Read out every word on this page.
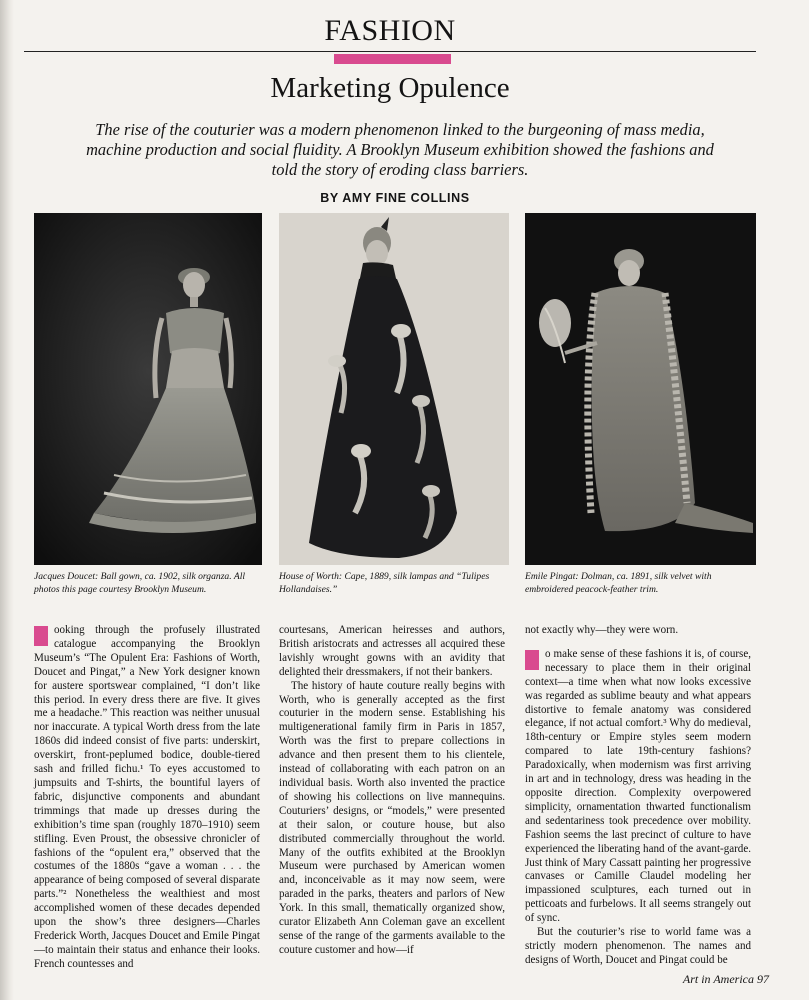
FASHION
Marketing Opulence
The rise of the couturier was a modern phenomenon linked to the burgeoning of mass media, machine production and social fluidity. A Brooklyn Museum exhibition showed the fashions and told the story of eroding class barriers.
BY AMY FINE COLLINS
Jacques Doucet: Ball gown, ca. 1902, silk organza. All photos this page courtesy Brooklyn Museum.
House of Worth: Cape, 1889, silk lampas and “Tulipes Hollandaises.”
Emile Pingat: Dolman, ca. 1891, silk velvet with embroidered peacock-feather trim.

ooking through the profusely illustrated catalogue accompanying the Brooklyn Museum’s “The Opulent Era: Fashions of Worth, Doucet and Pingat,” a New York designer known for austere sportswear complained, “I don’t like this period. In every dress there are five. It gives me a headache.” This reaction was neither unusual nor inaccurate. A typical Worth dress from the late 1860s did indeed consist of five parts: underskirt, overskirt, front-peplumed bodice, double-tiered sash and frilled fichu.¹ To eyes accustomed to jumpsuits and T-shirts, the bountiful layers of fabric, disjunctive components and abundant trimmings that made up dresses during the exhibition’s time span (roughly 1870–1910) seem stifling. Even Proust, the obsessive chronicler of fashions of the “opulent era,” observed that the costumes of the 1880s “gave a woman . . . the appearance of being composed of several disparate parts.”² Nonetheless the wealthiest and most accomplished women of these decades depended upon the show’s three designers—Charles Frederick Worth, Jacques Doucet and Emile Pingat—to maintain their status and enhance their looks. French countesses and

courtesans, American heiresses and authors, British aristocrats and actresses all acquired these lavishly wrought gowns with an avidity that delighted their dressmakers, if not their bankers.

The history of haute couture really begins with Worth, who is generally accepted as the first couturier in the modern sense. Establishing his multigenerational family firm in Paris in 1857, Worth was the first to prepare collections in advance and then present them to his clientele, instead of collaborating with each patron on an individual basis. Worth also invented the practice of showing his collections on live mannequins. Couturiers’ designs, or “models,” were presented at their salon, or couture house, but also distributed commercially throughout the world. Many of the outfits exhibited at the Brooklyn Museum were purchased by American women and, inconceivable as it may now seem, were paraded in the parks, theaters and parlors of New York. In this small, thematically organized show, curator Elizabeth Ann Coleman gave an excellent sense of the range of the garments available to the couture customer and how—if

not exactly why—they were worn.

o make sense of these fashions it is, of course, necessary to place them in their original context—a time when what now looks excessive was regarded as sublime beauty and what appears distortive to female anatomy was considered elegance, if not actual comfort.³ Why do medieval, 18th-century or Empire styles seem modern compared to late 19th-century fashions? Paradoxically, when modernism was first arriving in art and in technology, dress was heading in the opposite direction. Complexity overpowered simplicity, ornamentation thwarted functionalism and sedentariness took precedence over mobility. Fashion seems the last precinct of culture to have experienced the liberating hand of the avant-garde. Just think of Mary Cassatt painting her progressive canvases or Camille Claudel modeling her impassioned sculptures, each turned out in petticoats and furbelows. It all seems strangely out of sync.

But the couturier’s rise to world fame was a strictly modern phenomenon. The names and designs of Worth, Doucet and Pingat could be

Art in America 97
